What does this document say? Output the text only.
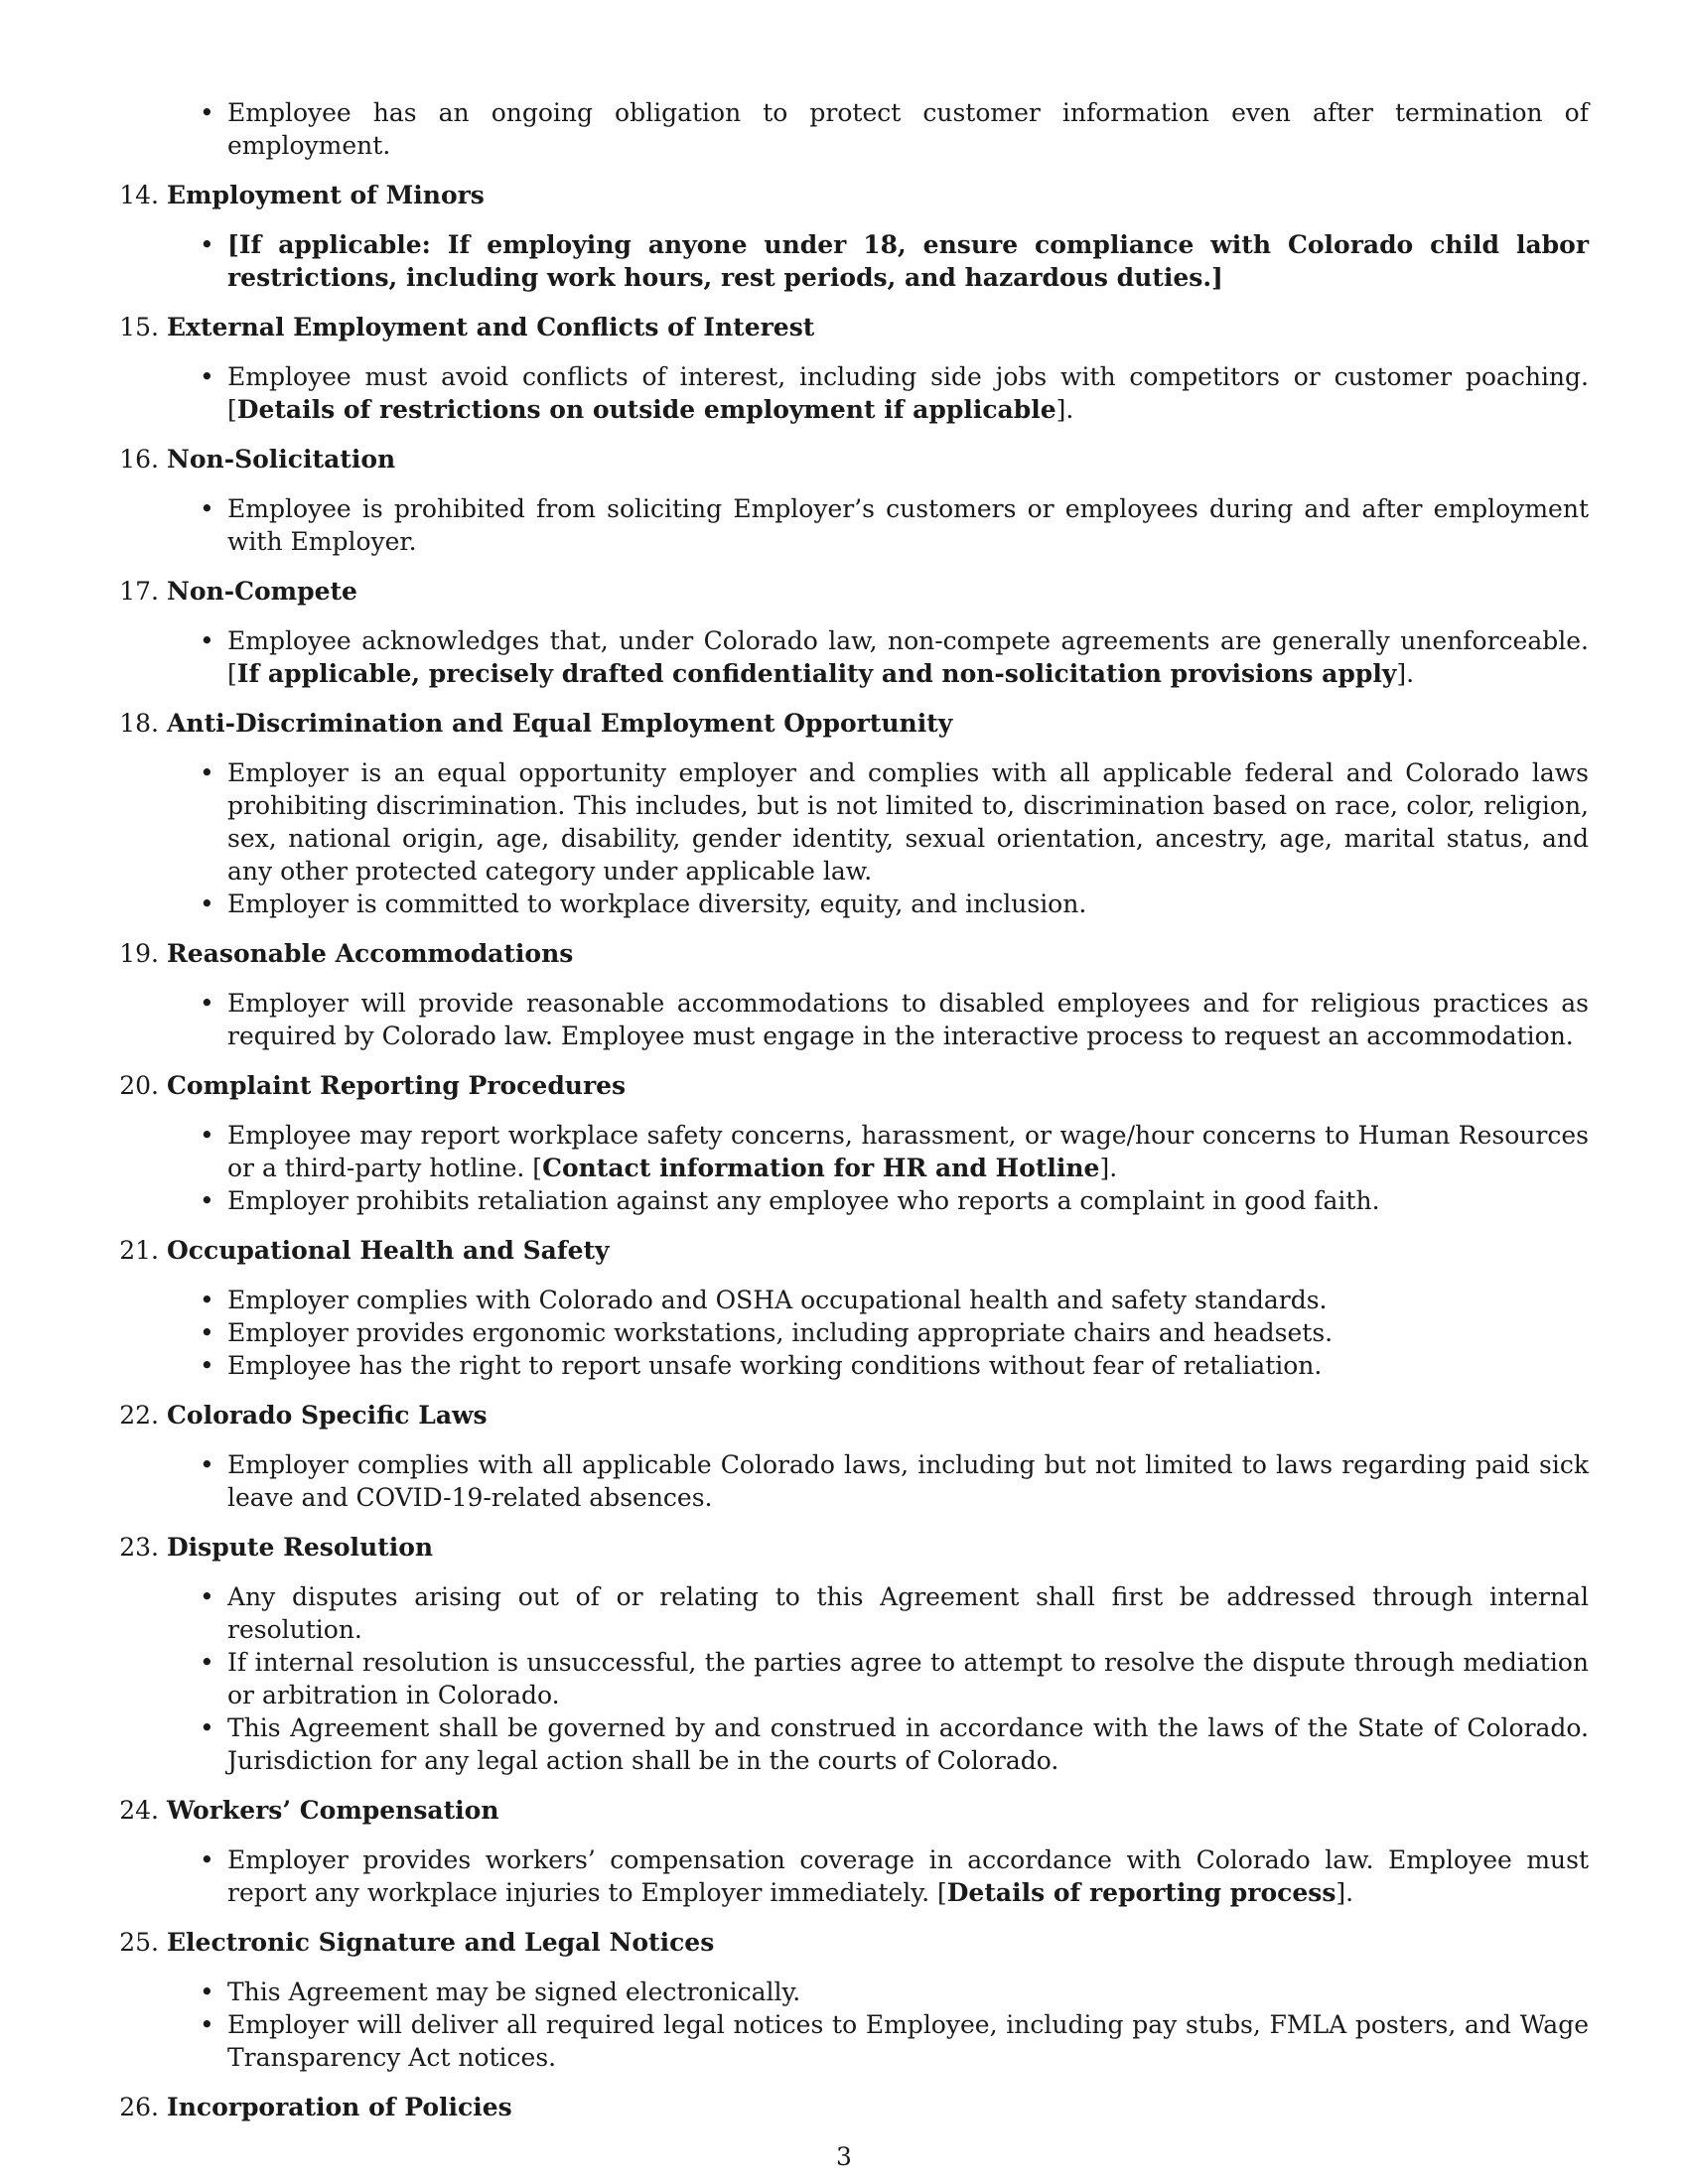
• Employee has an ongoing obligation to protect customer information even after termination of employment.
14. Employment of Minors
• [If applicable: If employing anyone under 18, ensure compliance with Colorado child labor restrictions, including work hours, rest periods, and hazardous duties.]
15. External Employment and Conflicts of Interest
• Employee must avoid conflicts of interest, including side jobs with competitors or customer poaching. [Details of restrictions on outside employment if applicable].
16. Non-Solicitation
• Employee is prohibited from soliciting Employer’s customers or employees during and after employment with Employer.
17. Non-Compete
• Employee acknowledges that, under Colorado law, non-compete agreements are generally unenforceable. [If applicable, precisely drafted confidentiality and non-solicitation provisions apply].
18. Anti-Discrimination and Equal Employment Opportunity
• Employer is an equal opportunity employer and complies with all applicable federal and Colorado laws prohibiting discrimination. This includes, but is not limited to, discrimination based on race, color, religion, sex, national origin, age, disability, gender identity, sexual orientation, ancestry, age, marital status, and any other protected category under applicable law.
• Employer is committed to workplace diversity, equity, and inclusion.
19. Reasonable Accommodations
• Employer will provide reasonable accommodations to disabled employees and for religious practices as required by Colorado law. Employee must engage in the interactive process to request an accommodation.
20. Complaint Reporting Procedures
• Employee may report workplace safety concerns, harassment, or wage/hour concerns to Human Resources or a third-party hotline. [Contact information for HR and Hotline].
• Employer prohibits retaliation against any employee who reports a complaint in good faith.
21. Occupational Health and Safety
• Employer complies with Colorado and OSHA occupational health and safety standards.
• Employer provides ergonomic workstations, including appropriate chairs and headsets.
• Employee has the right to report unsafe working conditions without fear of retaliation.
22. Colorado Specific Laws
• Employer complies with all applicable Colorado laws, including but not limited to laws regarding paid sick leave and COVID-19-related absences.
23. Dispute Resolution
• Any disputes arising out of or relating to this Agreement shall first be addressed through internal resolution.
• If internal resolution is unsuccessful, the parties agree to attempt to resolve the dispute through mediation or arbitration in Colorado.
• This Agreement shall be governed by and construed in accordance with the laws of the State of Colorado. Jurisdiction for any legal action shall be in the courts of Colorado.
24. Workers’ Compensation
• Employer provides workers’ compensation coverage in accordance with Colorado law. Employee must report any workplace injuries to Employer immediately. [Details of reporting process].
25. Electronic Signature and Legal Notices
• This Agreement may be signed electronically.
• Employer will deliver all required legal notices to Employee, including pay stubs, FMLA posters, and Wage Transparency Act notices.
26. Incorporation of Policies
3
